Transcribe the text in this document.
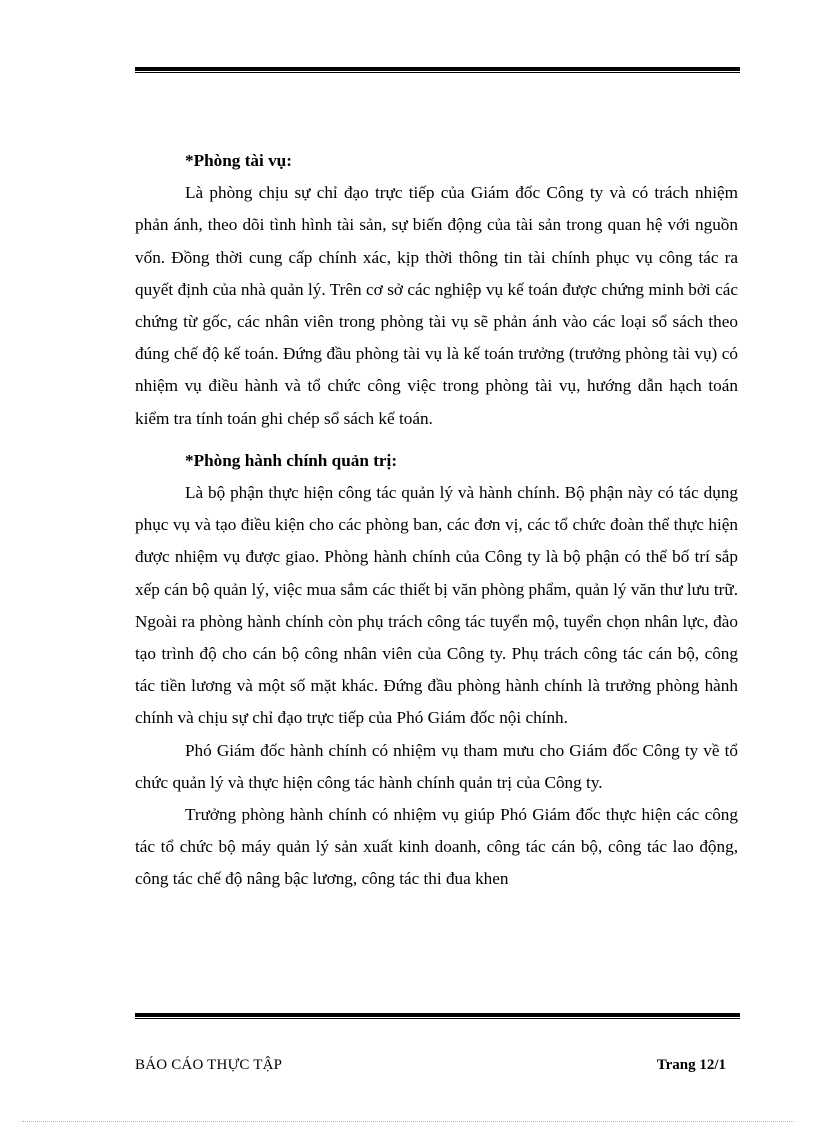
*Phòng tài vụ:

Là phòng chịu sự chỉ đạo trực tiếp của Giám đốc Công ty và có trách nhiệm phản ánh, theo dõi tình hình tài sản, sự biến động của tài sản trong quan hệ với nguồn vốn. Đồng thời cung cấp chính xác, kịp thời thông tin tài chính phục vụ công tác ra quyết định của nhà quản lý. Trên cơ sở các nghiệp vụ kế toán được chứng minh bởi các chứng từ gốc, các nhân viên trong phòng tài vụ sẽ phản ánh vào các loại sổ sách theo đúng chế độ kế toán. Đứng đầu phòng tài vụ là kế toán trưởng (trưởng phòng tài vụ) có nhiệm vụ điều hành và tổ chức công việc trong phòng tài vụ, hướng dẫn hạch toán kiểm tra tính toán ghi chép sổ sách kế toán.

*Phòng hành chính quản trị:

Là bộ phận thực hiện công tác quản lý và hành chính. Bộ phận này có tác dụng phục vụ và tạo điều kiện cho các phòng ban, các đơn vị, các tổ chức đoàn thể thực hiện được nhiệm vụ được giao. Phòng hành chính của Công ty là bộ phận có thể bố trí sắp xếp cán bộ quản lý, việc mua sắm các thiết bị văn phòng phẩm, quản lý văn thư lưu trữ. Ngoài ra phòng hành chính còn phụ trách công tác tuyển mộ, tuyển chọn nhân lực, đào tạo trình độ cho cán bộ công nhân viên của Công ty. Phụ trách công tác cán bộ, công tác tiền lương và một số mặt khác. Đứng đầu phòng hành chính là trưởng phòng hành chính và chịu sự chỉ đạo trực tiếp của Phó Giám đốc nội chính.

Phó Giám đốc hành chính có nhiệm vụ tham mưu cho Giám đốc Công ty về tổ chức quản lý và thực hiện công tác hành chính quản trị của Công ty.

Trưởng phòng hành chính có nhiệm vụ giúp Phó Giám đốc thực hiện các công tác tổ chức bộ máy quản lý sản xuất kinh doanh, công tác cán bộ, công tác lao động, công tác chế độ nâng bậc lương, công tác thi đua khen

BÁO CÁO THỰC TẬP	Trang 12/1
